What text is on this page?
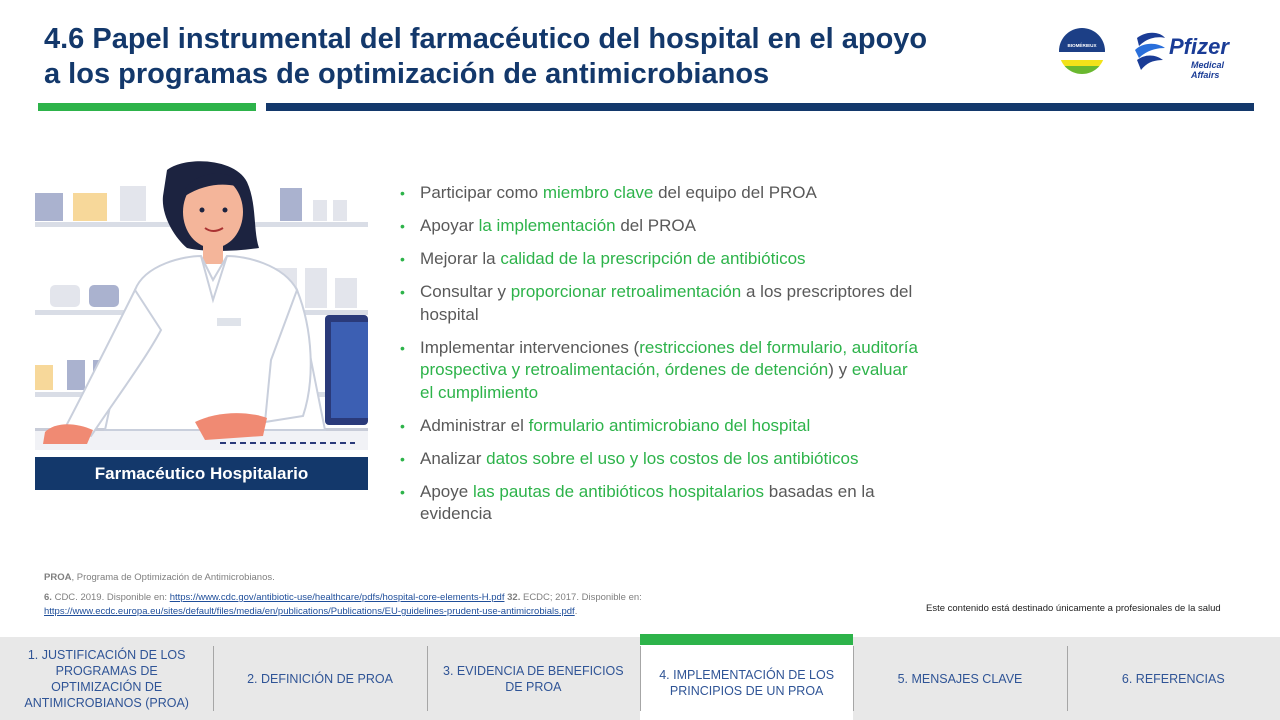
4.6 Papel instrumental del farmacéutico del hospital en el apoyo
a los programas de optimización de antimicrobianos
BIOMÉRIEUX	Pfizer
Medical Affairs
Farmacéutico Hospitalario
• Participar como miembro clave del equipo del PROA
• Apoyar la implementación del PROA
• Mejorar la calidad de la prescripción de antibióticos
• Consultar y proporcionar retroalimentación a los prescriptores del hospital
• Implementar intervenciones (restricciones del formulario, auditoría prospectiva y retroalimentación, órdenes de detención) y evaluar el cumplimiento
• Administrar el formulario antimicrobiano del hospital
• Analizar datos sobre el uso y los costos de los antibióticos
• Apoye las pautas de antibióticos hospitalarios basadas en la evidencia
PROA, Programa de Optimización de Antimicrobianos.
6. CDC. 2019. Disponible en: https://www.cdc.gov/antibiotic-use/healthcare/pdfs/hospital-core-elements-H.pdf 32. ECDC; 2017. Disponible en: https://www.ecdc.europa.eu/sites/default/files/media/en/publications/Publications/EU-guidelines-prudent-use-antimicrobials.pdf.	Este contenido está destinado únicamente a profesionales de la salud
1. JUSTIFICACIÓN DE LOS PROGRAMAS DE OPTIMIZACIÓN DE ANTIMICROBIANOS (PROA)
2. DEFINICIÓN DE PROA
3. EVIDENCIA DE BENEFICIOS DE PROA
4. IMPLEMENTACIÓN DE LOS PRINCIPIOS DE UN PROA
5. MENSAJES CLAVE	6. REFERENCIAS
